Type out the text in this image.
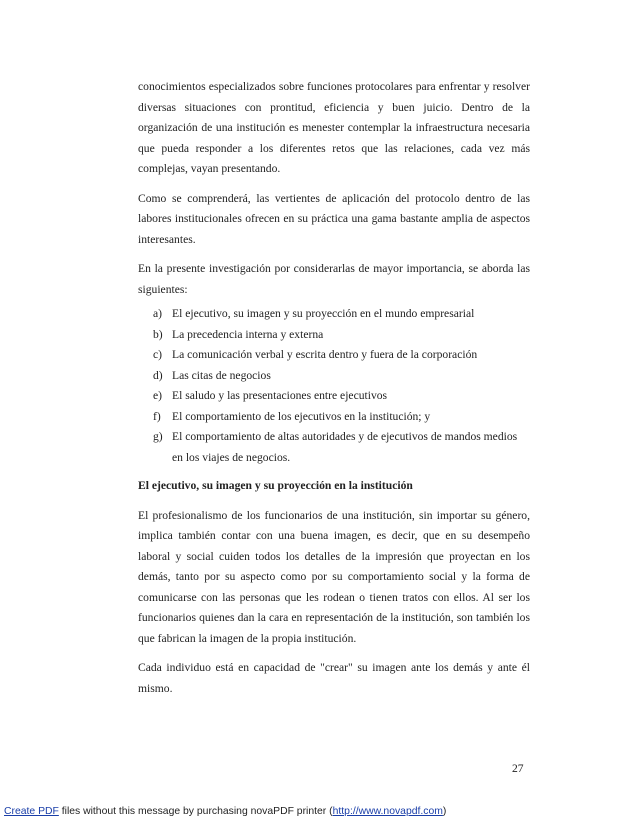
conocimientos especializados sobre funciones protocolares para enfrentar y resolver diversas situaciones con prontitud, eficiencia y buen juicio. Dentro de la organización de una institución es menester contemplar la infraestructura necesaria que pueda responder a los diferentes retos que las relaciones, cada vez más complejas, vayan presentando.

Como se comprenderá, las vertientes de aplicación del protocolo dentro de las labores institucionales ofrecen en su práctica una gama bastante amplia de aspectos interesantes.

En la presente investigación por considerarlas de mayor importancia, se aborda las siguientes:

a) El ejecutivo, su imagen y su proyección en el mundo empresarial
b) La precedencia interna y externa
c) La comunicación verbal y escrita dentro y fuera de la corporación
d) Las citas de negocios
e) El saludo y las presentaciones entre ejecutivos
f) El comportamiento de los ejecutivos en la institución; y
g) El comportamiento de altas autoridades y de ejecutivos de mandos medios en los viajes de negocios.
El ejecutivo, su imagen y su proyección en la institución

El profesionalismo de los funcionarios de una institución, sin importar su género, implica también contar con una buena imagen, es decir, que en su desempeño laboral y social cuiden todos los detalles de la impresión que proyectan en los demás, tanto por su aspecto como por su comportamiento social y la forma de comunicarse con las personas que les rodean o tienen tratos con ellos. Al ser los funcionarios quienes dan la cara en representación de la institución, son también los que fabrican la imagen de la propia institución.

Cada individuo está en capacidad de "crear" su imagen ante los demás y ante él mismo.

27
Create PDF files without this message by purchasing novaPDF printer (http://www.novapdf.com)
